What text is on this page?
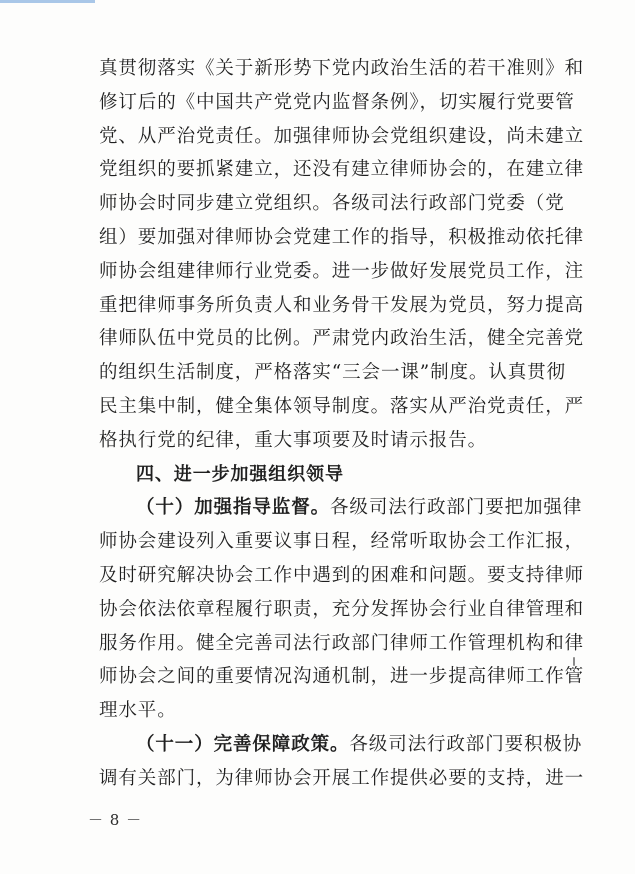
真贯彻落实《关于新形势下党内政治生活的若干准则》和
修订后的《中国共产党党内监督条例》，切实履行党要管
党、从严治党责任。加强律师协会党组织建设，尚未建立
党组织的要抓紧建立，还没有建立律师协会的，在建立律
师协会时同步建立党组织。各级司法行政部门党委（党
组）要加强对律师协会党建工作的指导，积极推动依托律
师协会组建律师行业党委。进一步做好发展党员工作，注
重把律师事务所负责人和业务骨干发展为党员，努力提高
律师队伍中党员的比例。严肃党内政治生活，健全完善党
的组织生活制度，严格落实“三会一课”制度。认真贯彻
民主集中制，健全集体领导制度。落实从严治党责任，严
格执行党的纪律，重大事项要及时请示报告。
四、进一步加强组织领导
（十）加强指导监督。各级司法行政部门要把加强律
师协会建设列入重要议事日程，经常听取协会工作汇报，
及时研究解决协会工作中遇到的困难和问题。要支持律师
协会依法依章程履行职责，充分发挥协会行业自律管理和
服务作用。健全完善司法行政部门律师工作管理机构和律
师协会之间的重要情况沟通机制，进一步提高律师工作管
理水平。
（十一）完善保障政策。各级司法行政部门要积极协
调有关部门，为律师协会开展工作提供必要的支持，进一
－ 8 －
